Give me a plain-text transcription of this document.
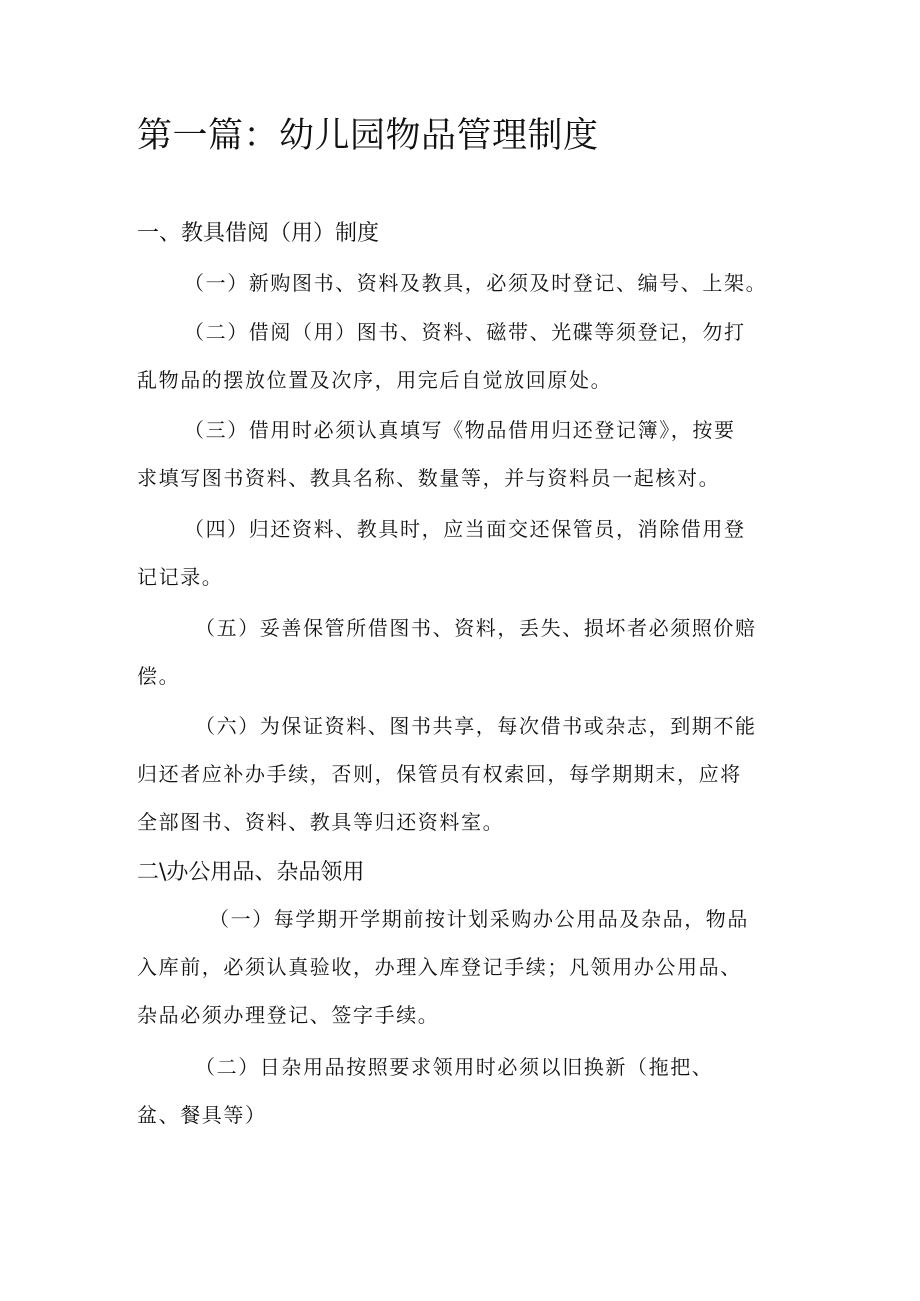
第一篇：幼儿园物品管理制度
一、教具借阅（用）制度

（一）新购图书、资料及教具，必须及时登记、编号、上架。

（二）借阅（用）图书、资料、磁带、光碟等须登记，勿打
乱物品的摆放位置及次序，用完后自觉放回原处。

（三）借用时必须认真填写《物品借用归还登记簿》，按要
求填写图书资料、教具名称、数量等，并与资料员一起核对。

（四）归还资料、教具时，应当面交还保管员，消除借用登
记记录。

（五）妥善保管所借图书、资料，丢失、损坏者必须照价赔
偿。

（六）为保证资料、图书共享，每次借书或杂志，到期不能
归还者应补办手续，否则，保管员有权索回，每学期期末，应将
全部图书、资料、教具等归还资料室。

二\办公用品、杂品领用

（一）每学期开学期前按计划采购办公用品及杂品，物品
入库前，必须认真验收，办理入库登记手续；凡领用办公用品、
杂品必须办理登记、签字手续。

（二）日杂用品按照要求领用时必须以旧换新（拖把、
盆、餐具等）
